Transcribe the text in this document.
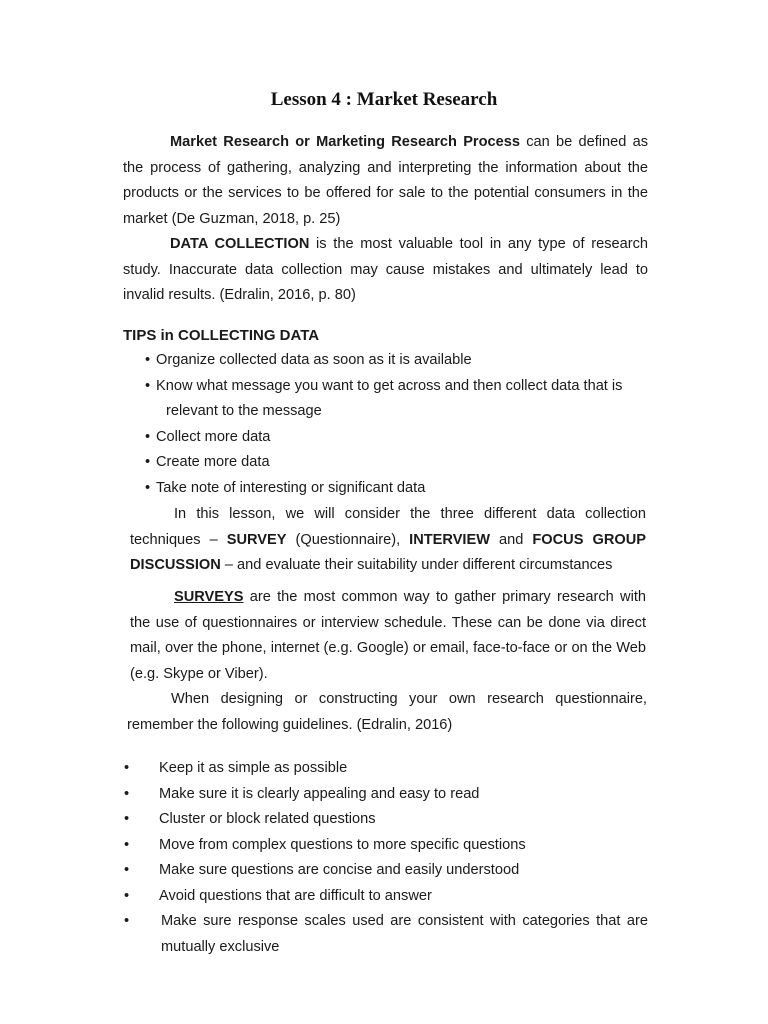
Lesson 4 : Market Research

Market Research or Marketing Research Process can be defined as the process of gathering, analyzing and interpreting the information about the products or the services to be offered for sale to the potential consumers in the market (De Guzman, 2018, p. 25)

DATA COLLECTION is the most valuable tool in any type of research study. Inaccurate data collection may cause mistakes and ultimately lead to invalid results. (Edralin, 2016, p. 80)

TIPS in COLLECTING DATA
• Organize collected data as soon as it is available
• Know what message you want to get across and then collect data that is
relevant to the message
• Collect more data
• Create more data
• Take note of interesting or significant data

In this lesson, we will consider the three different data collection techniques – SURVEY (Questionnaire), INTERVIEW and FOCUS GROUP DISCUSSION – and evaluate their suitability under different circumstances

SURVEYS are the most common way to gather primary research with the use of questionnaires or interview schedule. These can be done via direct mail, over the phone, internet (e.g. Google) or email, face-to-face or on the Web (e.g. Skype or Viber).

When designing or constructing your own research questionnaire, remember the following guidelines. (Edralin, 2016)

• Keep it as simple as possible
• Make sure it is clearly appealing and easy to read
• Cluster or block related questions
• Move from complex questions to more specific questions
• Make sure questions are concise and easily understood
• Avoid questions that are difficult to answer
• Make sure response scales used are consistent with categories that are mutually exclusive
